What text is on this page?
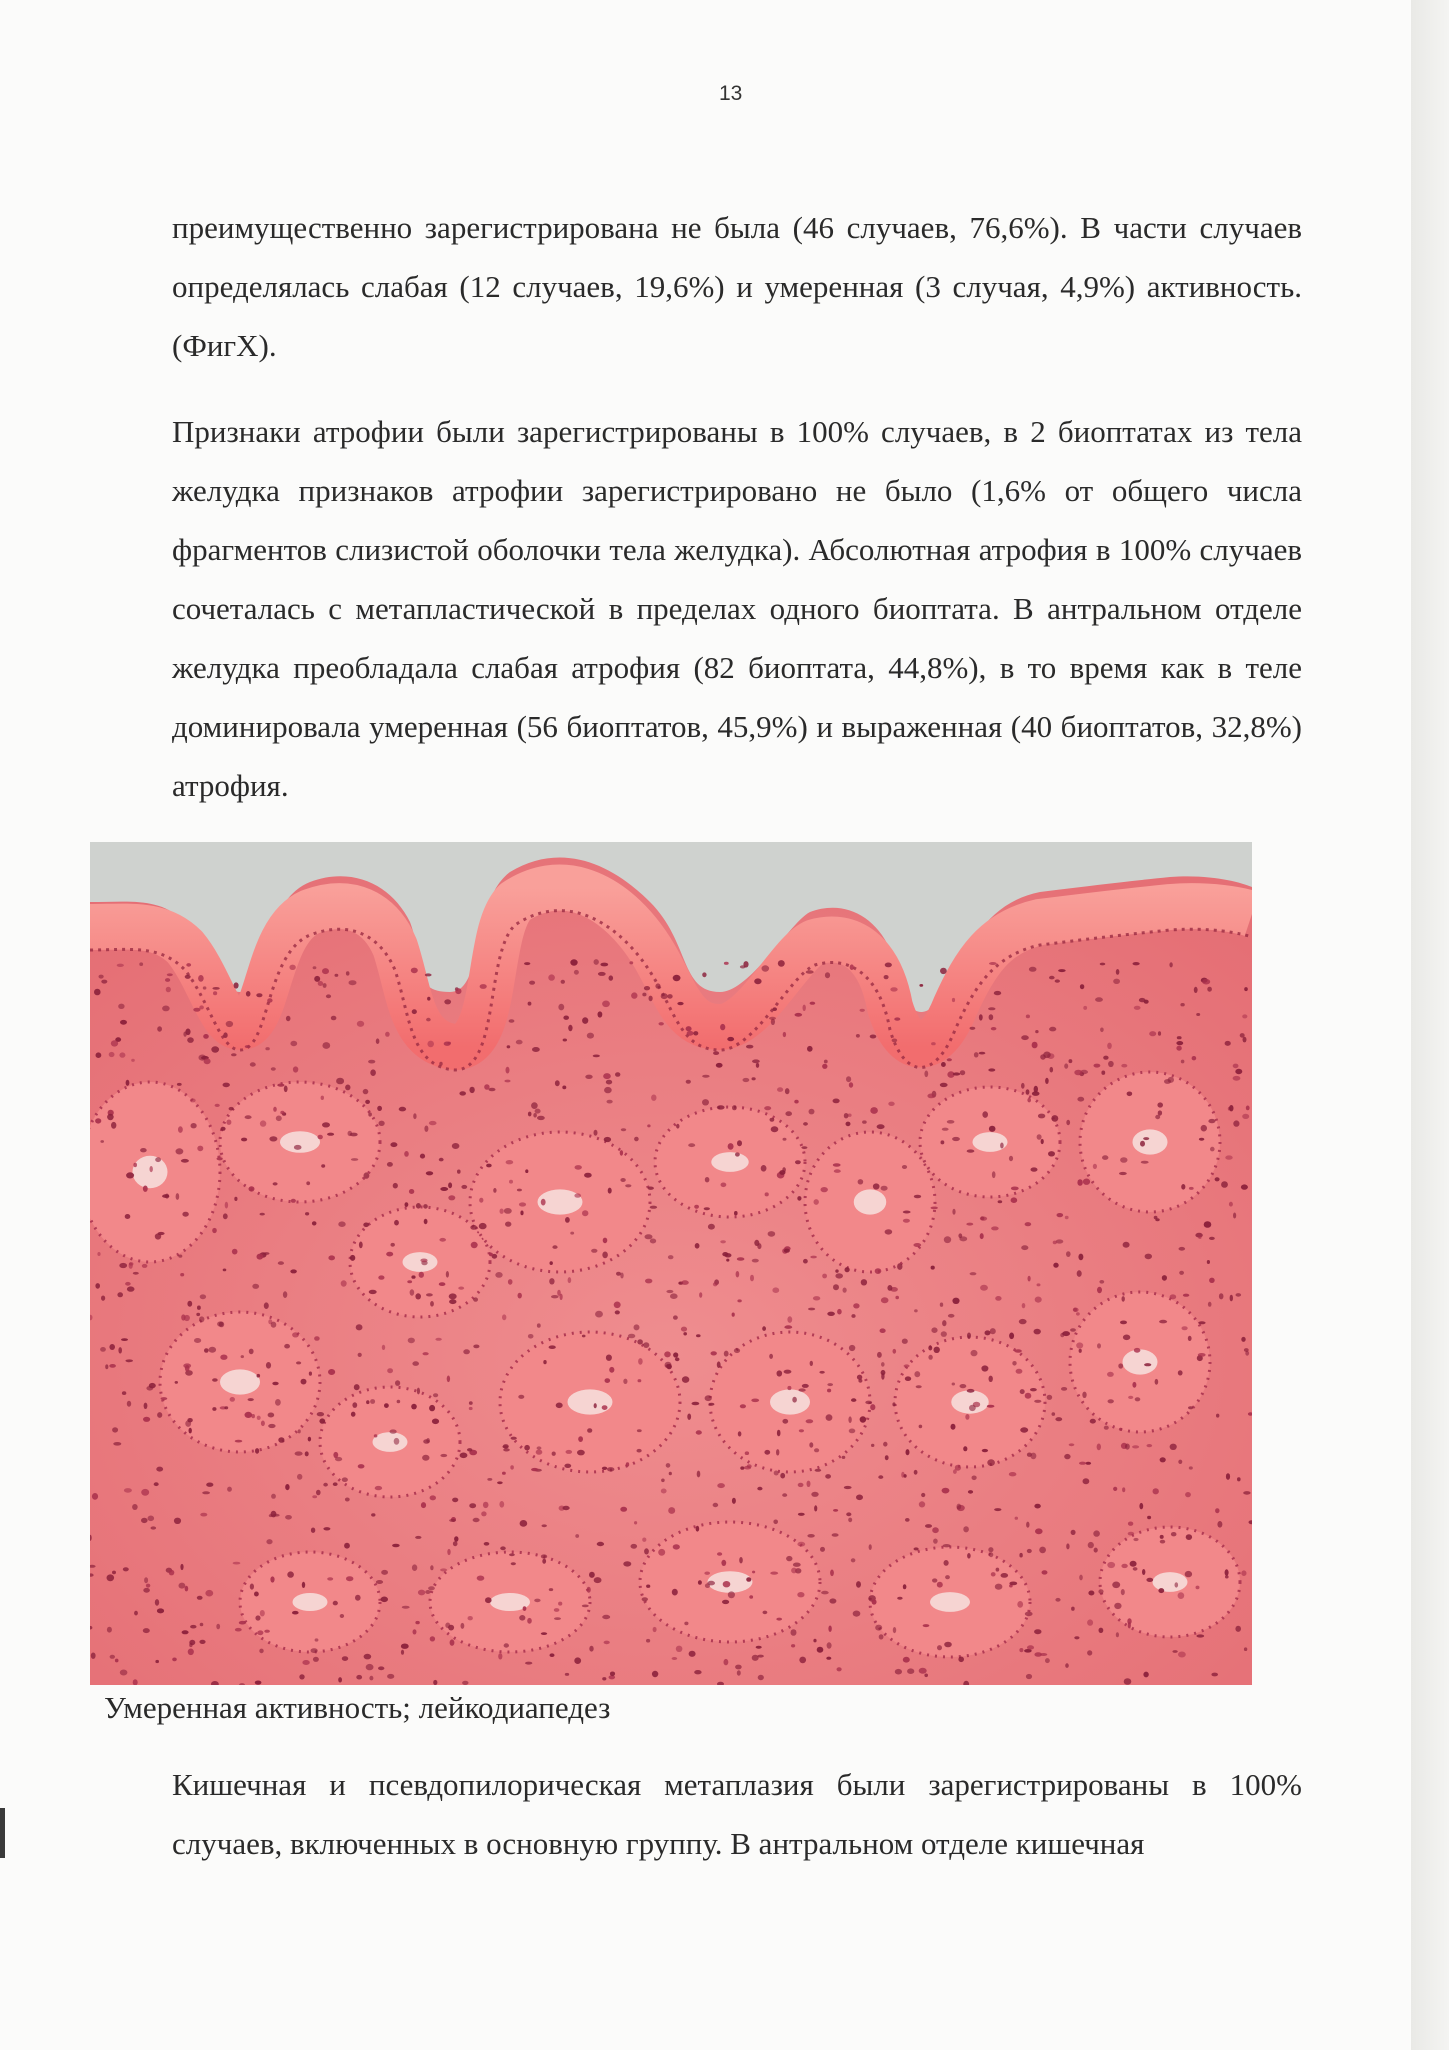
13

преимущественно зарегистрирована не была (46 случаев, 76,6%). В части случаев определялась слабая (12 случаев, 19,6%) и умеренная (3 случая, 4,9%) активность. (ФигХ).

Признаки атрофии были зарегистрированы в 100% случаев, в 2 биоптатах из тела желудка признаков атрофии зарегистрировано не было (1,6% от общего числа фрагментов слизистой оболочки тела желудка). Абсолютная атрофия в 100% случаев сочеталась с метапластической в пределах одного биоптата. В антральном отделе желудка преобладала слабая атрофия (82 биоптата, 44,8%), в то время как в теле доминировала умеренная (56 биоптатов, 45,9%) и выраженная (40 биоптатов, 32,8%) атрофия.

Умеренная активность; лейкодиапедез

Кишечная и псевдопилорическая метаплазия были зарегистрированы в 100% случаев, включенных в основную группу. В антральном отделе кишечная
